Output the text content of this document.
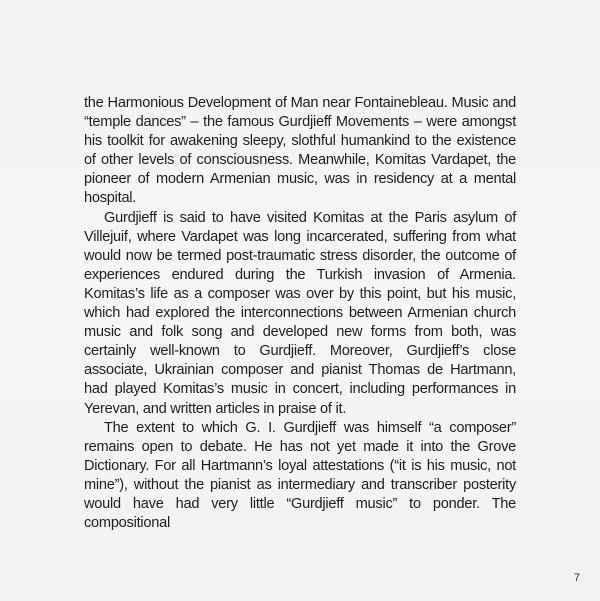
the Harmonious Development of Man near Fontainebleau. Music and “temple dances” – the famous Gurdjieff Movements – were amongst his toolkit for awakening sleepy, slothful humankind to the existence of other levels of consciousness. Meanwhile, Komitas Vardapet, the pioneer of modern Armenian music, was in residency at a mental hospital.

Gurdjieff is said to have visited Komitas at the Paris asylum of Villejuif, where Vardapet was long incarcerated, suffering from what would now be termed post-traumatic stress disorder, the outcome of experiences endured during the Turkish invasion of Armenia. Komitas’s life as a composer was over by this point, but his music, which had explored the interconnections between Armenian church music and folk song and developed new forms from both, was certainly well-known to Gurdjieff. Moreover, Gurdjieff’s close associate, Ukrainian composer and pianist Thomas de Hartmann, had played Komitas’s music in concert, including performances in Yerevan, and written articles in praise of it.

The extent to which G. I. Gurdjieff was himself “a composer” remains open to debate. He has not yet made it into the Grove Dictionary. For all Hartmann’s loyal attestations (“it is his music, not mine”), without the pianist as intermediary and transcriber posterity would have had very little “Gurdjieff music” to ponder. The compositional

7
